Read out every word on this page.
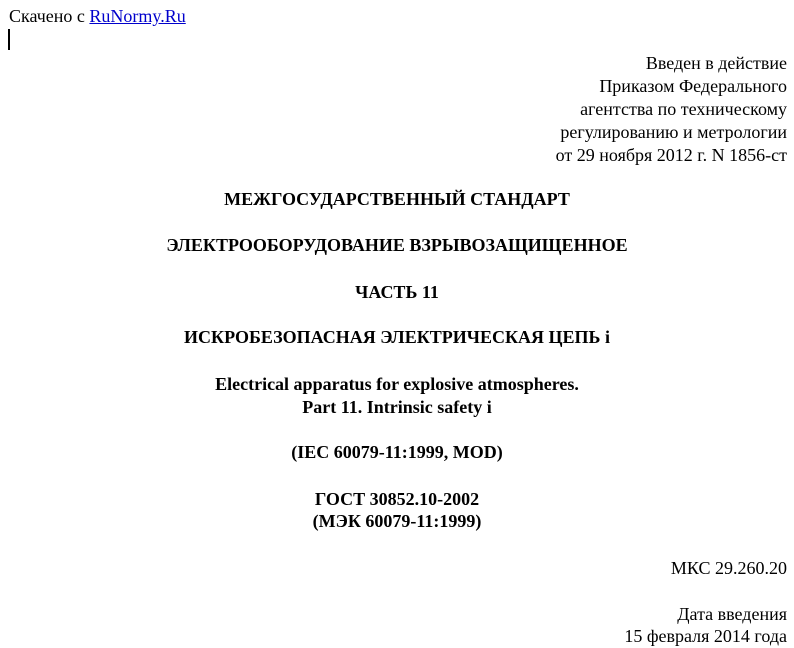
Скачено с RuNormy.Ru
Введен в действие
Приказом Федерального
агентства по техническому
регулированию и метрологии
от 29 ноября 2012 г. N 1856-ст
МЕЖГОСУДАРСТВЕННЫЙ СТАНДАРТ
ЭЛЕКТРООБОРУДОВАНИЕ ВЗРЫВОЗАЩИЩЕННОЕ
ЧАСТЬ 11
ИСКРОБЕЗОПАСНАЯ ЭЛЕКТРИЧЕСКАЯ ЦЕПЬ i
Electrical apparatus for explosive atmospheres.
Part 11. Intrinsic safety i
(IEC 60079-11:1999, MOD)
ГОСТ 30852.10-2002
(МЭК 60079-11:1999)
МКС 29.260.20
Дата введения
15 февраля 2014 года
